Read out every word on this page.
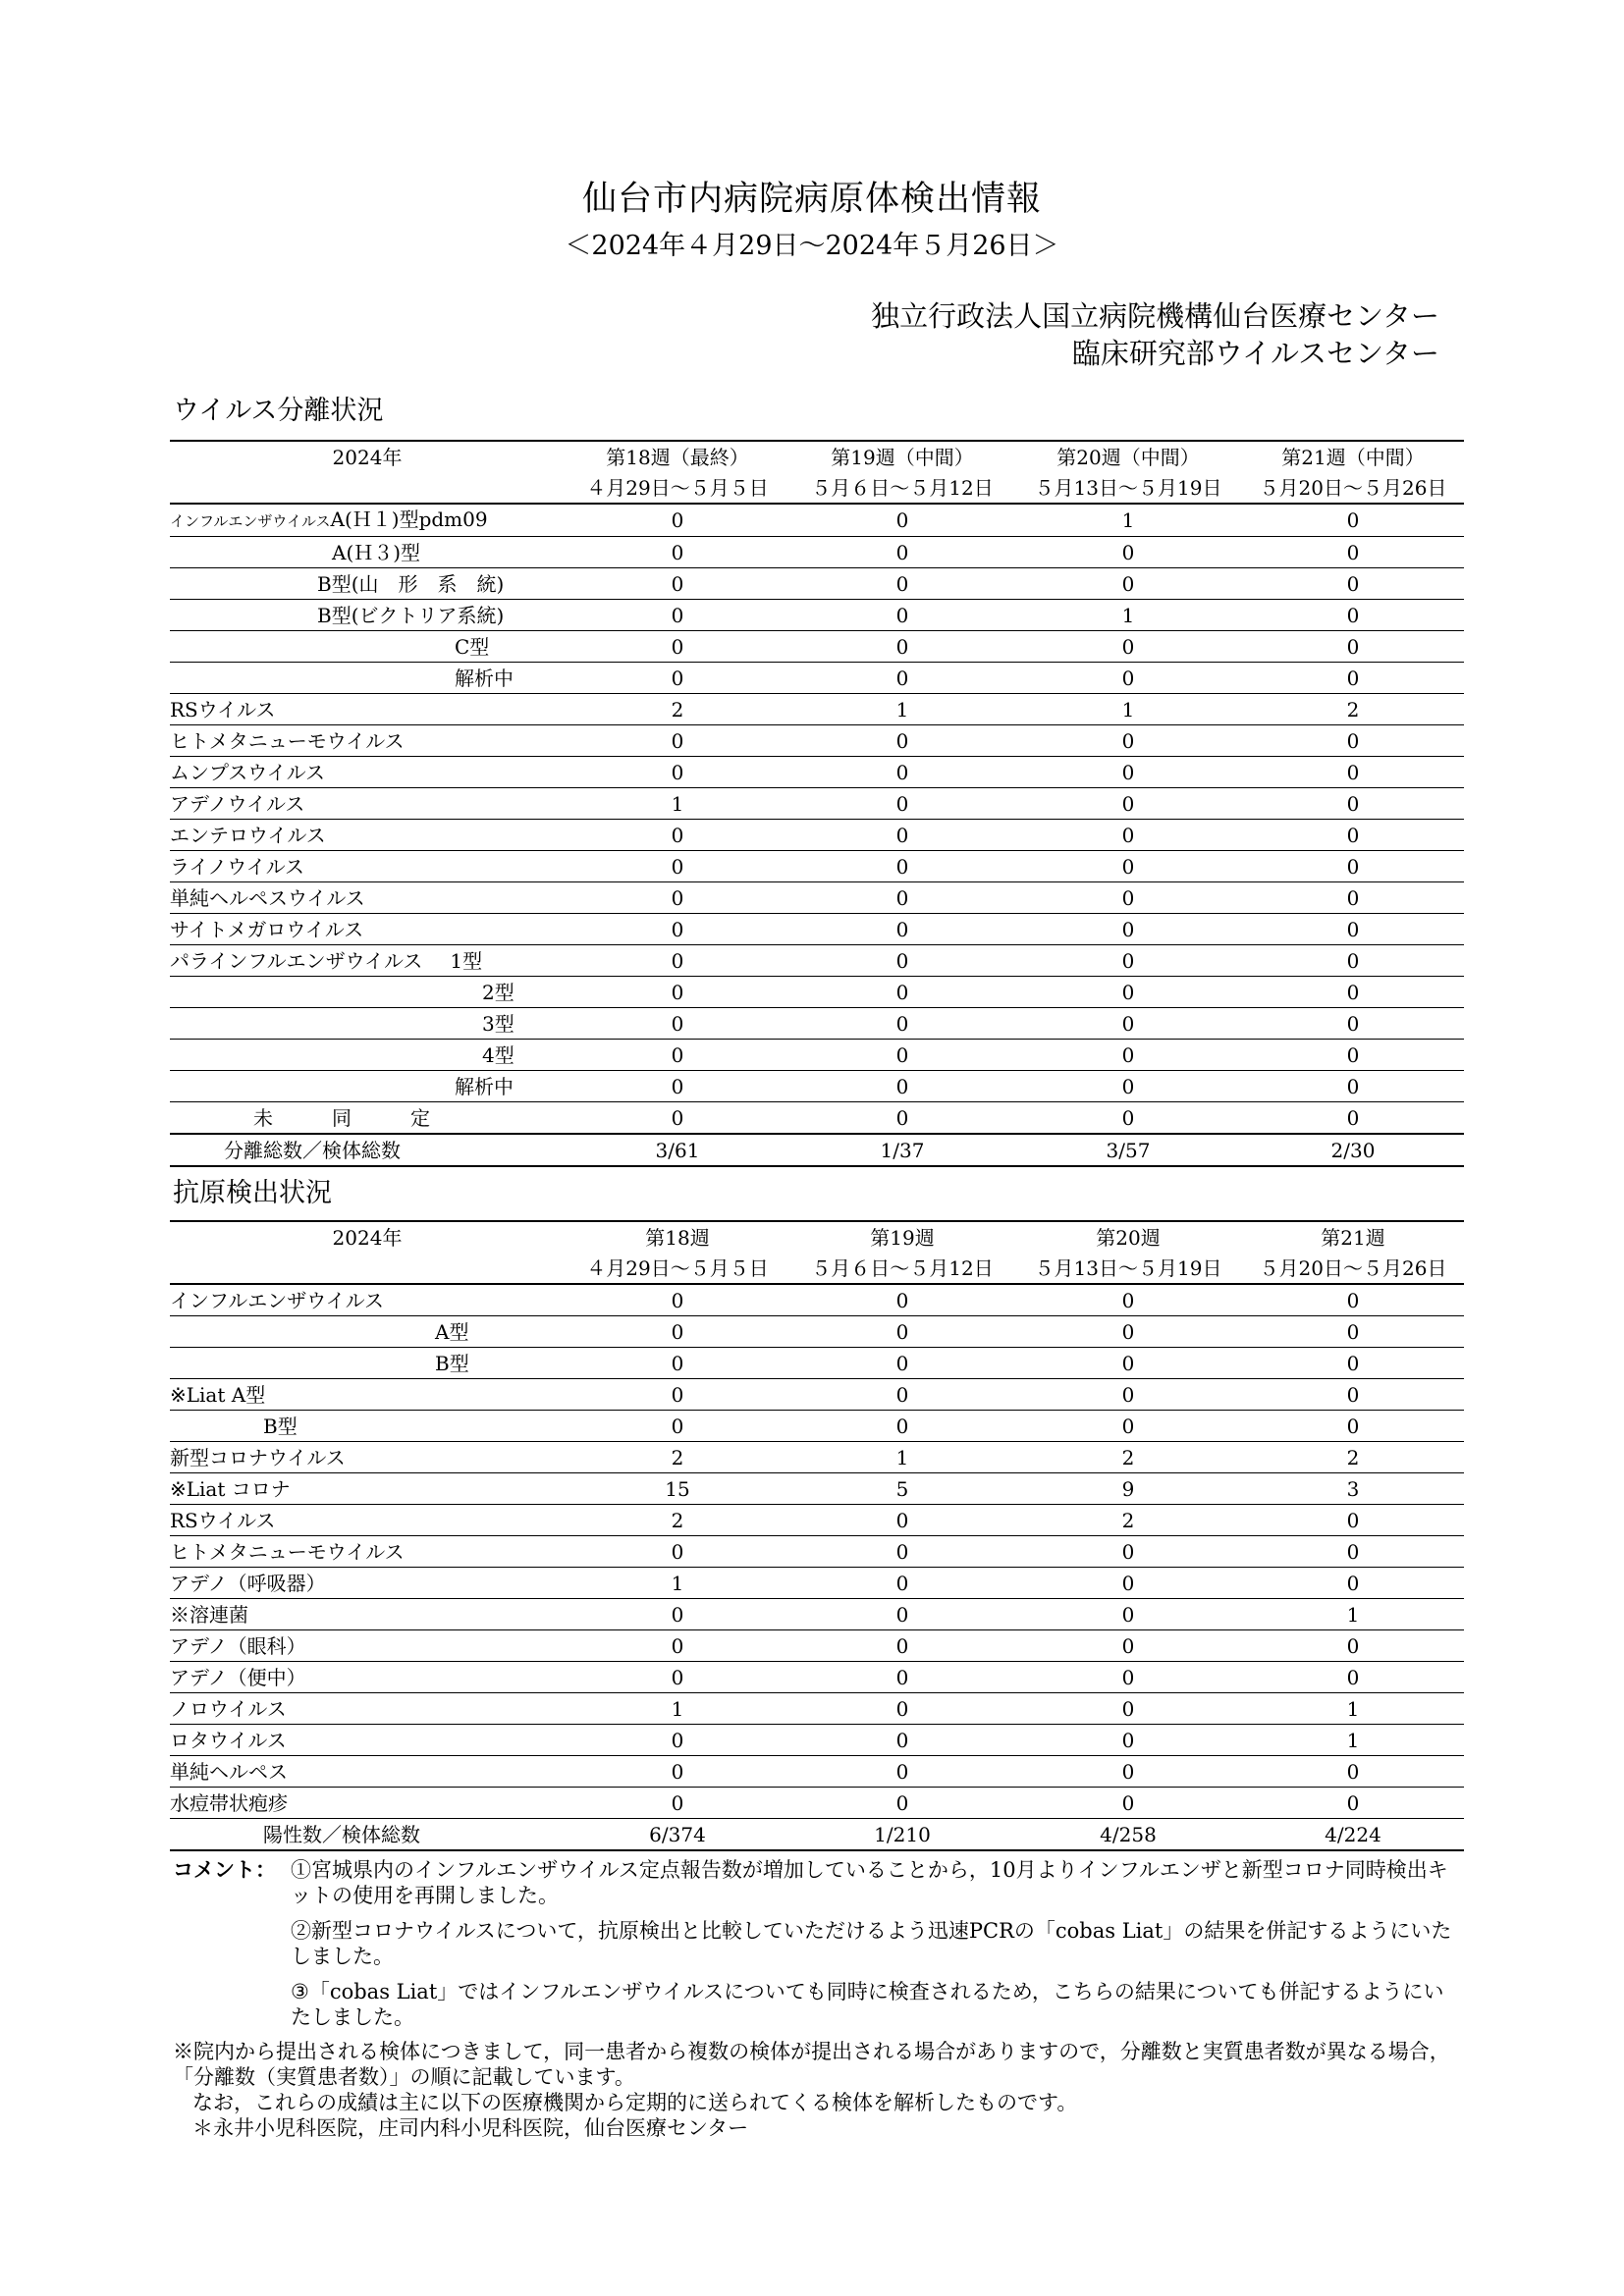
仙台市内病院病原体検出情報
＜2024年４月29日〜2024年５月26日＞
独立行政法人国立病院機構仙台医療センター
臨床研究部ウイルスセンター
ウイルス分離状況
2024年	第18週（最終）	第19週（中間）	第20週（中間）	第21週（中間）
	４月29日〜５月５日	５月６日〜５月12日	５月13日〜５月19日	５月20日〜５月26日
インフルエンザウイルスA(Ｈ１)型pdm09	0	0	1	0
A(Ｈ３)型	0	0	0	0
B型(山　形　系　統)	0	0	0	0
B型(ビクトリア系統)	0	0	1	0
C型	0	0	0	0
解析中	0	0	0	0
RSウイルス	2	1	1	2
ヒトメタニューモウイルス	0	0	0	0
ムンプスウイルス	0	0	0	0
アデノウイルス	1	0	0	0
エンテロウイルス	0	0	0	0
ライノウイルス	0	0	0	0
単純ヘルペスウイルス	0	0	0	0
サイトメガロウイルス	0	0	0	0
パラインフルエンザウイルス 1型	0	0	0	0
2型	0	0	0	0
3型	0	0	0	0
4型	0	0	0	0
解析中	0	0	0	0
未　　　同　　　定	0	0	0	0
分離総数／検体総数	3/61	1/37	3/57	2/30
抗原検出状況
2024年	第18週	第19週	第20週	第21週
	４月29日〜５月５日	５月６日〜５月12日	５月13日〜５月19日	５月20日〜５月26日
インフルエンザウイルス	0	0	0	0
A型	0	0	0	0
B型	0	0	0	0
※Liat A型	0	0	0	0
B型	0	0	0	0
新型コロナウイルス	2	1	2	2
※Liat コロナ	15	5	9	3
RSウイルス	2	0	2	0
ヒトメタニューモウイルス	0	0	0	0
アデノ（呼吸器）	1	0	0	0
※溶連菌	0	0	0	1
アデノ（眼科）	0	0	0	0
アデノ（便中）	0	0	0	0
ノロウイルス	1	0	0	1
ロタウイルス	0	0	0	1
単純ヘルペス	0	0	0	0
水痘帯状疱疹	0	0	0	0
陽性数／検体総数	6/374	1/210	4/258	4/224
コメント： ①宮城県内のインフルエンザウイルス定点報告数が増加していることから，10月よりインフルエンザと新型コロナ同時検出キットの使用を再開しました。
②新型コロナウイルスについて，抗原検出と比較していただけるよう迅速PCRの「cobas Liat」の結果を併記するようにいたしました。
③「cobas Liat」ではインフルエンザウイルスについても同時に検査されるため，こちらの結果についても併記するようにいたしました。
※院内から提出される検体につきまして，同一患者から複数の検体が提出される場合がありますので，分離数と実質患者数が異なる場合，「分離数（実質患者数）」の順に記載しています。
なお，これらの成績は主に以下の医療機関から定期的に送られてくる検体を解析したものです。
＊永井小児科医院，庄司内科小児科医院，仙台医療センター
